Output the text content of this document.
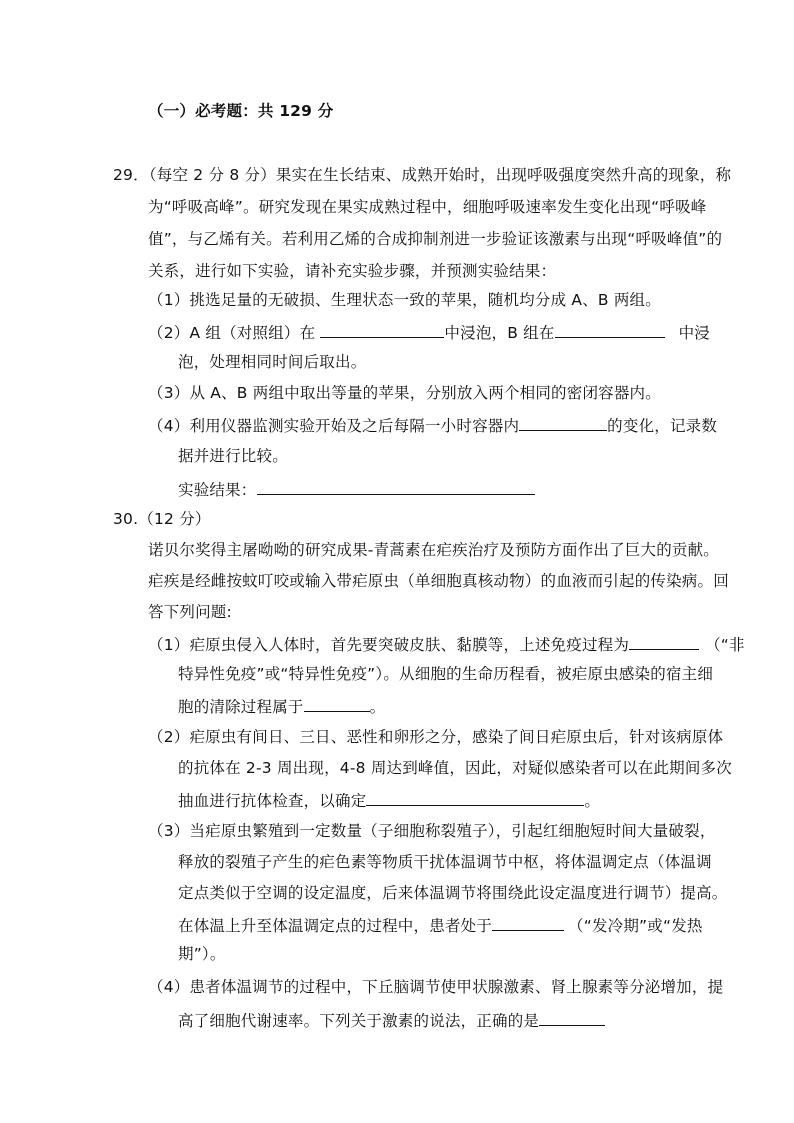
（一）必考题：共 129 分
29．（每空 2 分 8 分）果实在生长结束、成熟开始时，出现呼吸强度突然升高的现象，称
为“呼吸高峰”。研究发现在果实成熟过程中，细胞呼吸速率发生变化出现“呼吸峰
值”，与乙烯有关。若利用乙烯的合成抑制剂进一步验证该激素与出现“呼吸峰值”的
关系，进行如下实验，请补充实验步骤，并预测实验结果：
（1）挑选足量的无破损、生理状态一致的苹果，随机均分成 A、B 两组。
（2）A 组（对照组）在	中浸泡，B 组在	中浸
泡，处理相同时间后取出。
（3）从 A、B 两组中取出等量的苹果，分别放入两个相同的密闭容器内。
（4）利用仪器监测实验开始及之后每隔一小时容器内	的变化，记录数
据并进行比较。
实验结果：
30.（12 分）
诺贝尔奖得主屠呦呦的研究成果-青蒿素在疟疾治疗及预防方面作出了巨大的贡献。
疟疾是经雌按蚊叮咬或输入带疟原虫（单细胞真核动物）的血液而引起的传染病。回
答下列问题:
（1）疟原虫侵入人体时，首先要突破皮肤、黏膜等，上述免疫过程为	（“非
特异性免疫”或“特异性免疫”）。从细胞的生命历程看，被疟原虫感染的宿主细
胞的清除过程属于	。
（2）疟原虫有间日、三日、恶性和卵形之分，感染了间日疟原虫后，针对该病原体
的抗体在 2-3 周出现，4-8 周达到峰值，因此，对疑似感染者可以在此期间多次
抽血进行抗体检查，以确定	。
（3）当疟原虫繁殖到一定数量（子细胞称裂殖子），引起红细胞短时间大量破裂，
释放的裂殖子产生的疟色素等物质干扰体温调节中枢，将体温调定点（体温调
定点类似于空调的设定温度，后来体温调节将围绕此设定温度进行调节）提高。
在体温上升至体温调定点的过程中，患者处于	（“发冷期”或“发热
期”）。
（4）患者体温调节的过程中，下丘脑调节使甲状腺激素、肾上腺素等分泌增加，提
高了细胞代谢速率。下列关于激素的说法，正确的是
